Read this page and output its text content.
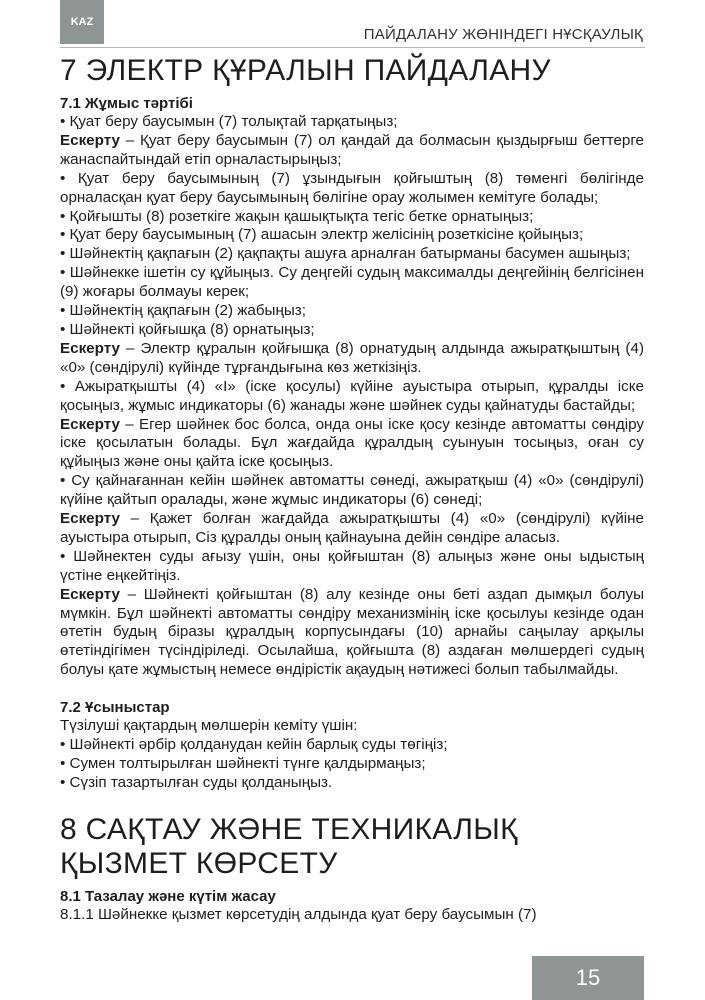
KAZ
ПАЙДАЛАНУ ЖӨНІНДЕГІ НҰСҚАУЛЫҚ
7 ЭЛЕКТР ҚҰРАЛЫН ПАЙДАЛАНУ
7.1 Жұмыс тәртібі

• Қуат беру баусымын (7) толықтай тарқатыңыз;

Ескерту – Қуат беру баусымын (7) ол қандай да болмасын қыздырғыш беттерге жанаспайтындай етіп орналастырыңыз;

• Қуат беру баусымының (7) ұзындығын қойғыштың (8) төменгі бөлігінде орналасқан қуат беру баусымының бөлігіне орау жолымен кемітуге болады;

• Қойғышты (8) розеткіге жақын қашықтықта тегіс бетке орнатыңыз;

• Қуат беру баусымының (7) ашасын электр желісінің розеткісіне қойыңыз;

• Шәйнектің қақпағын (2) қақпақты ашуға арналған батырманы басумен ашыңыз;

• Шәйнекке ішетін су құйыңыз. Су деңгейі судың максималды деңгейінің белгісінен (9) жоғары болмауы керек;

• Шәйнектің қақпағын (2) жабыңыз;

• Шәйнекті қойғышқа (8) орнатыңыз;

Ескерту – Электр құралын қойғышқа (8) орнатудың алдында ажыратқыштың (4) «0» (сөндірулі) күйінде тұрғандығына көз жеткізіңіз.

• Ажыратқышты (4) «I» (іске қосулы) күйіне ауыстыра отырып, құралды іске қосыңыз, жұмыс индикаторы (6) жанады және шәйнек суды қайнатуды бастайды;

Ескерту – Егер шәйнек бос болса, онда оны іске қосу кезінде автоматты сөндіру іске қосылатын болады. Бұл жағдайда құралдың суынуын тосыңыз, оған су құйыңыз және оны қайта іске қосыңыз.

• Су қайнағаннан кейін шәйнек автоматты сөнеді, ажыратқыш (4) «0» (сөндірулі) күйіне қайтып оралады, және жұмыс индикаторы (6) сөнеді;

Ескерту – Қажет болған жағдайда ажыратқышты (4) «0» (сөндірулі) күйіне ауыстыра отырып, Сіз құралды оның қайнауына дейін сөндіре аласыз.

• Шәйнектен суды ағызу үшін, оны қойғыштан (8) алыңыз және оны ыдыстың үстіне еңкейтіңіз.

Ескерту – Шәйнекті қойғыштан (8) алу кезінде оны беті аздап дымқыл болуы мүмкін. Бұл шәйнекті автоматты сөндіру механизмінің іске қосылуы кезінде одан өтетін будың біразы құралдың корпусындағы (10) арнайы саңылау арқылы өтетіндігімен түсіндіріледі. Осылайша, қойғышта (8) аздаған мөлшердегі судың болуы қате жұмыстың немесе өндірістік ақаудың нәтижесі болып табылмайды.

7.2 Ұсыныстар

Түзілуші қақтардың мөлшерін кеміту үшін:

• Шәйнекті әрбір қолданудан кейін барлық суды төгіңіз;

• Сумен толтырылған шәйнекті түнге қалдырмаңыз;

• Сүзіп тазартылған суды қолданыңыз.

8 САҚТАУ ЖӘНЕ ТЕХНИКАЛЫҚ ҚЫЗМЕТ КӨРСЕТУ
8.1 Тазалау және күтім жасау

8.1.1 Шәйнекке қызмет көрсетудің алдында қуат беру баусымын (7)

15
